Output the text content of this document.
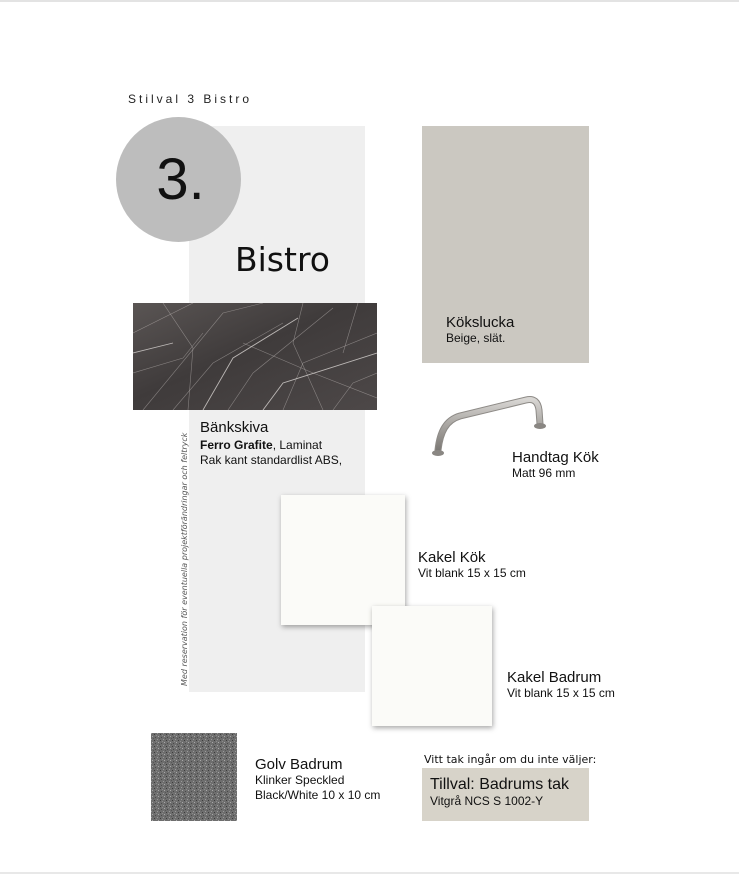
Stilval 3 Bistro
3.
Bistro
Bänkskiva
Ferro Grafite, Laminat
Rak kant standardlist ABS,
Med reservation för eventuella projektförändringar och feltryck
Kökslucka
Beige, slät.
Handtag Kök
Matt 96 mm
Kakel Kök
Vit blank 15 x 15 cm
Kakel Badrum
Vit blank 15 x 15 cm
Golv Badrum
Klinker Speckled
Black/White 10 x 10 cm
Vitt tak ingår om du inte väljer:
Tillval: Badrums tak
Vitgrå NCS S 1002-Y
